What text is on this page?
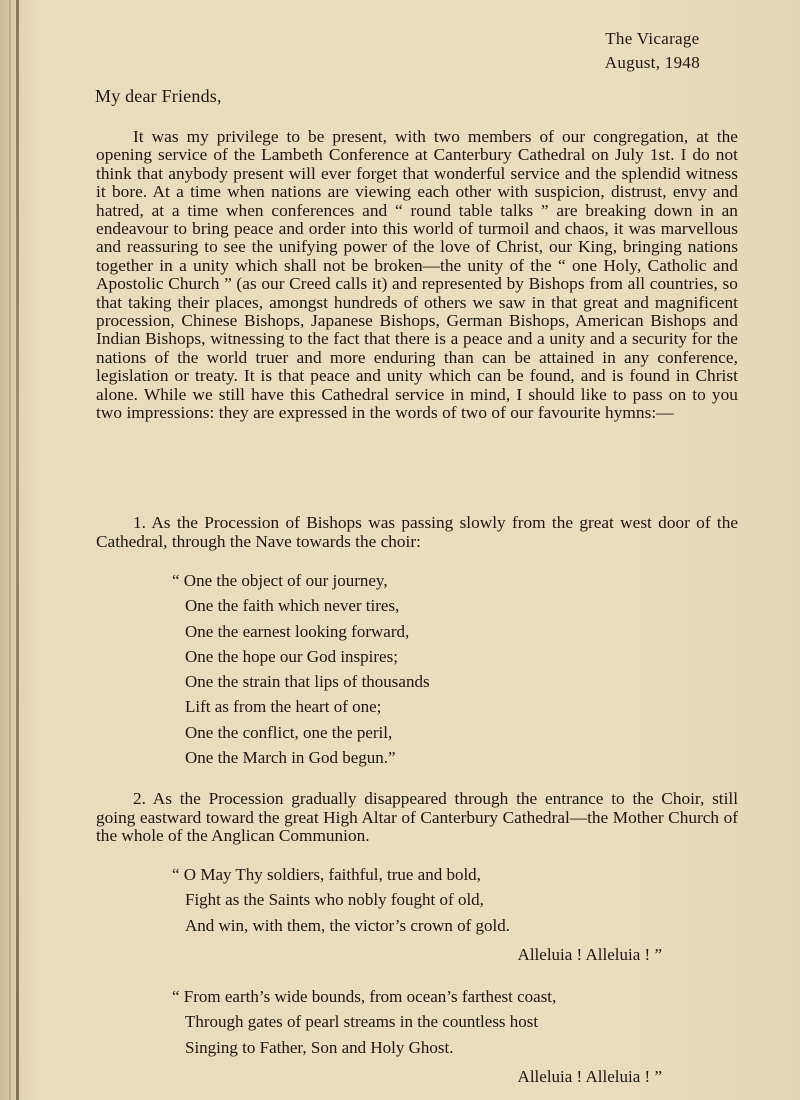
The Vicarage
August, 1948
My dear Friends,
It was my privilege to be present, with two members of our congregation, at the opening service of the Lambeth Conference at Canterbury Cathedral on July 1st. I do not think that anybody present will ever forget that wonderful service and the splendid witness it bore. At a time when nations are viewing each other with suspicion, distrust, envy and hatred, at a time when conferences and “ round table talks ” are breaking down in an endeavour to bring peace and order into this world of turmoil and chaos, it was marvellous and reassuring to see the unifying power of the love of Christ, our King, bringing nations together in a unity which shall not be broken—the unity of the “ one Holy, Catholic and Apostolic Church ” (as our Creed calls it) and represented by Bishops from all countries, so that taking their places, amongst hundreds of others we saw in that great and magnificent procession, Chinese Bishops, Japanese Bishops, German Bishops, American Bishops and Indian Bishops, witnessing to the fact that there is a peace and a unity and a security for the nations of the world truer and more enduring than can be attained in any conference, legislation or treaty. It is that peace and unity which can be found, and is found in Christ alone. While we still have this Cathedral service in mind, I should like to pass on to you two impressions: they are expressed in the words of two of our favourite hymns:—
1. As the Procession of Bishops was passing slowly from the great west door of the Cathedral, through the Nave towards the choir:
“ One the object of our journey,
One the faith which never tires,
One the earnest looking forward,
One the hope our God inspires;
One the strain that lips of thousands
Lift as from the heart of one;
One the conflict, one the peril,
One the March in God begun.”
2. As the Procession gradually disappeared through the entrance to the Choir, still going eastward toward the great High Altar of Canterbury Cathedral—the Mother Church of the whole of the Anglican Communion.
“ O May Thy soldiers, faithful, true and bold,
Fight as the Saints who nobly fought of old,
And win, with them, the victor’s crown of gold.
Alleluia ! Alleluia ! ”
“ From earth’s wide bounds, from ocean’s farthest coast,
Through gates of pearl streams in the countless host
Singing to Father, Son and Holy Ghost.
Alleluia ! Alleluia ! ”
